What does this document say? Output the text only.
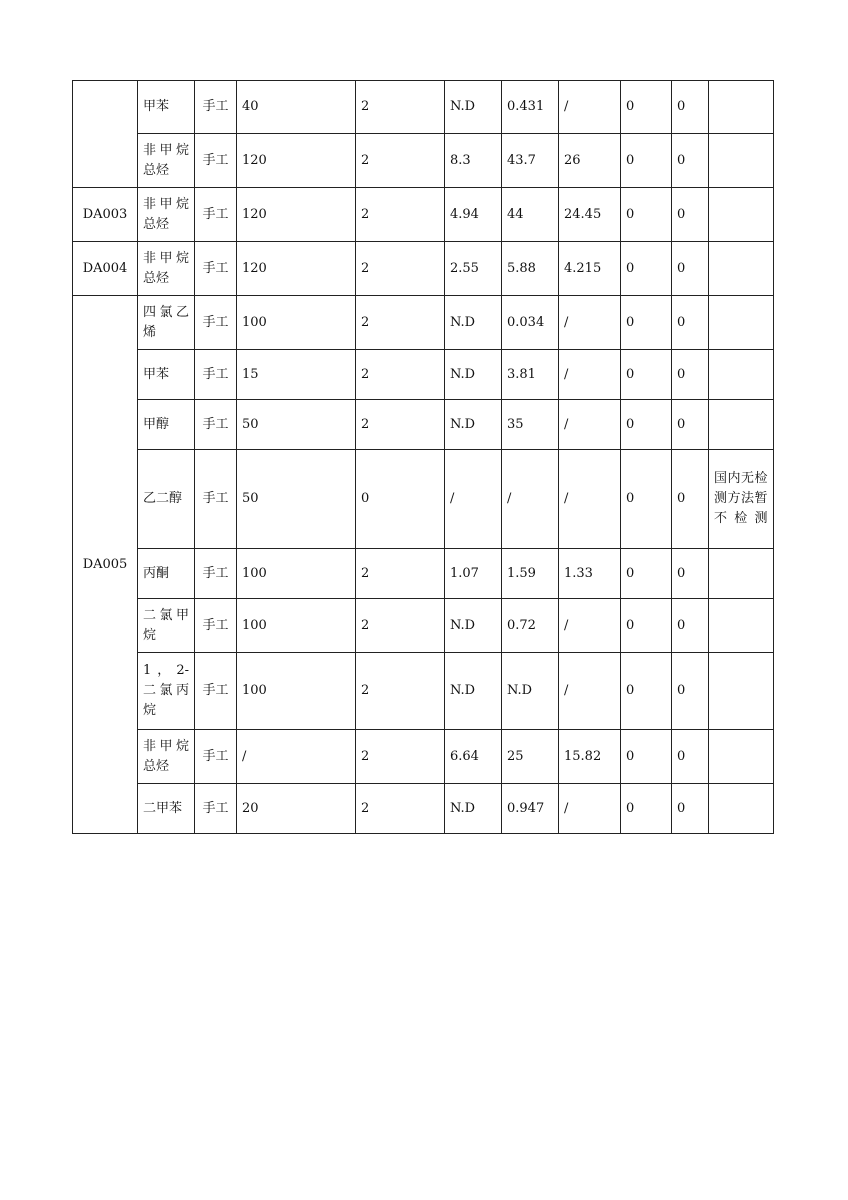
	甲苯	手工	40	2	N.D	0.431	/	0	0	
	非甲烷总烃	手工	120	2	8.3	43.7	26	0	0	
DA003	非甲烷总烃	手工	120	2	4.94	44	24.45	0	0	
DA004	非甲烷总烃	手工	120	2	2.55	5.88	4.215	0	0	
DA005	四氯乙烯	手工	100	2	N.D	0.034	/	0	0	
	甲苯	手工	15	2	N.D	3.81	/	0	0	
	甲醇	手工	50	2	N.D	35	/	0	0	
	乙二醇	手工	50	0	/	/	/	0	0	国内无检测方法暂不检测
	丙酮	手工	100	2	1.07	1.59	1.33	0	0	
	二氯甲烷	手工	100	2	N.D	0.72	/	0	0	
	1，2-二氯丙烷	手工	100	2	N.D	N.D	/	0	0	
	非甲烷总烃	手工	/	2	6.64	25	15.82	0	0	
	二甲苯	手工	20	2	N.D	0.947	/	0	0	
